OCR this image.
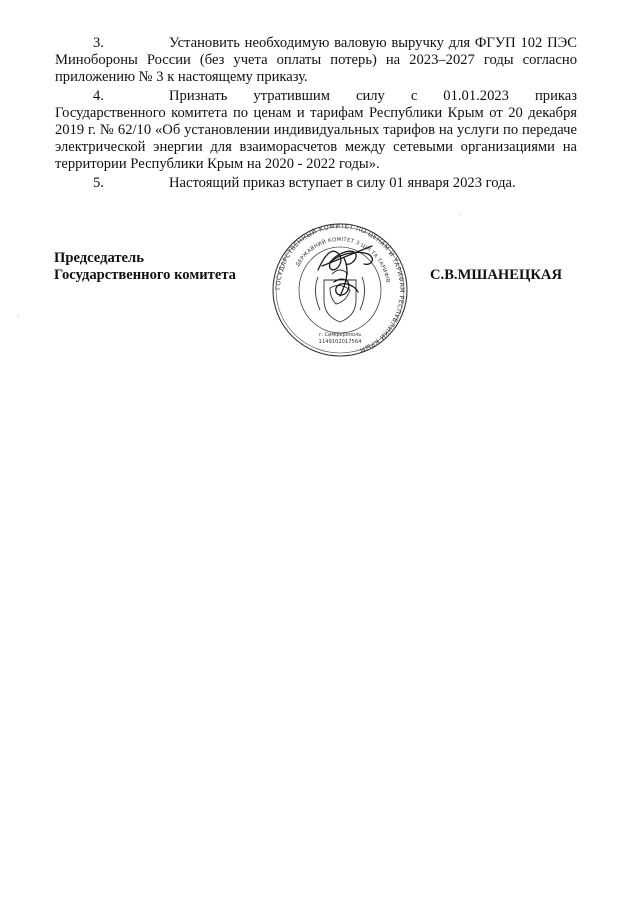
3.	Установить необходимую валовую выручку для ФГУП 102 ПЭС Минобороны России (без учета оплаты потерь) на 2023–2027 годы согласно приложению № 3 к настоящему приказу.

4.	Признать утратившим силу с 01.01.2023 приказ Государственного комитета по ценам и тарифам Республики Крым от 20 декабря 2019 г. № 62/10 «Об установлении индивидуальных тарифов на услуги по передаче электрической энергии для взаиморасчетов между сетевыми организациями на территории Республики Крым на 2020 - 2022 годы».

5.	Настоящий приказ вступает в силу 01 января 2023 года.

Председатель
Государственного комитета
ГОСУДАРСТВЕННЫЙ КОМИТЕТ ПО ЦЕНАМ И ТАРИФАМ РЕСПУБЛИКИ КРЫМ
ДЕРЖАВНИЙ КОМІТЕТ З ЦІН ТА ТАРИФІВ
1149102017564
г. Симферополь
С.В.МШАНЕЦКАЯ
